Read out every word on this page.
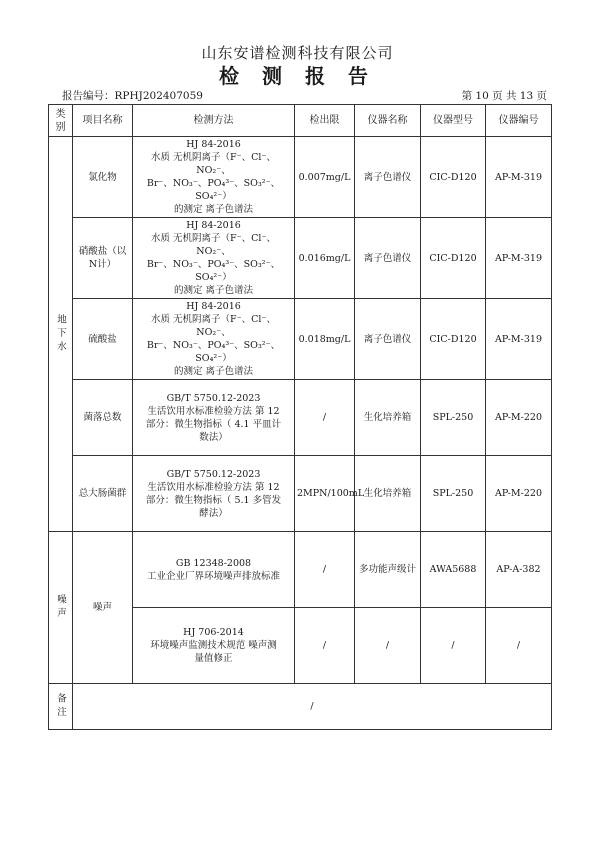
山东安谱检测科技有限公司
检 测 报 告
报告编号：RPHJ202407059	第 10 页 共 13 页
类别	项目名称	检测方法	检出限	仪器名称	仪器型号	仪器编号
地下水	氯化物	HJ 84-2016
水质 无机阴离子（F⁻、Cl⁻、NO₂⁻、
Br⁻、NO₃⁻、PO₄³⁻、SO₃²⁻、SO₄²⁻）
的测定 离子色谱法	0.007mg/L	离子色谱仪	CIC-D120	AP-M-319
	硝酸盐（以N计）	HJ 84-2016
水质 无机阴离子（F⁻、Cl⁻、NO₂⁻、
Br⁻、NO₃⁻、PO₄³⁻、SO₃²⁻、SO₄²⁻）
的测定 离子色谱法	0.016mg/L	离子色谱仪	CIC-D120	AP-M-319
	硫酸盐	HJ 84-2016
水质 无机阴离子（F⁻、Cl⁻、NO₂⁻、
Br⁻、NO₃⁻、PO₄³⁻、SO₃²⁻、SO₄²⁻）
的测定 离子色谱法	0.018mg/L	离子色谱仪	CIC-D120	AP-M-319
	菌落总数	GB/T 5750.12-2023
生活饮用水标准检验方法 第 12
部分：微生物指标（ 4.1 平皿计
数法）	/	生化培养箱	SPL-250	AP-M-220
	总大肠菌群	GB/T 5750.12-2023
生活饮用水标准检验方法 第 12
部分：微生物指标（ 5.1 多管发
酵法）	2MPN/100mL	生化培养箱	SPL-250	AP-M-220
噪声	噪声	GB 12348-2008
工业企业厂界环境噪声排放标准	/	多功能声级计	AWA5688	AP-A-382

		HJ 706-2014
环境噪声监测技术规范 噪声测
量值修正	/	/	/	/
备注	/					
